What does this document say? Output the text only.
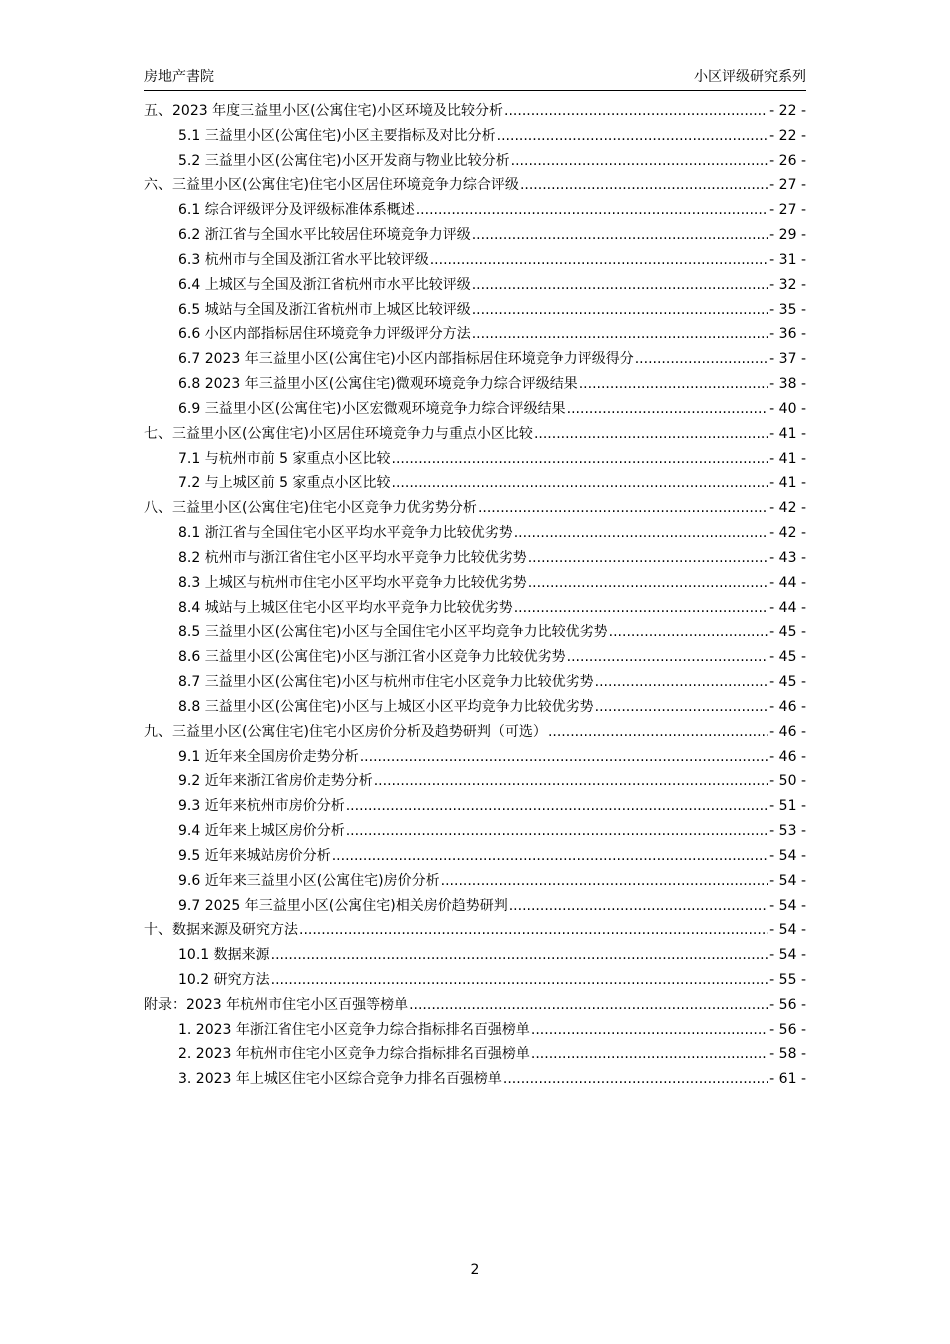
房地产書院	小区评级研究系列
五、2023 年度三益里小区(公寓住宅)小区环境及比较分析 .....	- 22 -
5.1 三益里小区(公寓住宅)小区主要指标及对比分析 .....	- 22 -
5.2 三益里小区(公寓住宅)小区开发商与物业比较分析 .....	- 26 -
六、三益里小区(公寓住宅)住宅小区居住环境竞争力综合评级 .....	- 27 -
6.1 综合评级评分及评级标准体系概述 .....	- 27 -
6.2 浙江省与全国水平比较居住环境竞争力评级 .....	- 29 -
6.3 杭州市与全国及浙江省水平比较评级 .....	- 31 -
6.4 上城区与全国及浙江省杭州市水平比较评级 .....	- 32 -
6.5 城站与全国及浙江省杭州市上城区比较评级 .....	- 35 -
6.6 小区内部指标居住环境竞争力评级评分方法 .....	- 36 -
6.7 2023 年三益里小区(公寓住宅)小区内部指标居住环境竞争力评级得分 .....	- 37 -
6.8 2023 年三益里小区(公寓住宅)微观环境竞争力综合评级结果 .....	- 38 -
6.9 三益里小区(公寓住宅)小区宏微观环境竞争力综合评级结果 .....	- 40 -
七、三益里小区(公寓住宅)小区居住环境竞争力与重点小区比较 .....	- 41 -
7.1 与杭州市前 5 家重点小区比较 .....	- 41 -
7.2 与上城区前 5 家重点小区比较 .....	- 41 -
八、三益里小区(公寓住宅)住宅小区竞争力优劣势分析 .....	- 42 -
8.1 浙江省与全国住宅小区平均水平竞争力比较优劣势 .....	- 42 -
8.2 杭州市与浙江省住宅小区平均水平竞争力比较优劣势 .....	- 43 -
8.3 上城区与杭州市住宅小区平均水平竞争力比较优劣势 .....	- 44 -
8.4 城站与上城区住宅小区平均水平竞争力比较优劣势 .....	- 44 -
8.5 三益里小区(公寓住宅)小区与全国住宅小区平均竞争力比较优劣势 .....	- 45 -
8.6 三益里小区(公寓住宅)小区与浙江省小区竞争力比较优劣势 .....	- 45 -
8.7 三益里小区(公寓住宅)小区与杭州市住宅小区竞争力比较优劣势 .....	- 45 -
8.8 三益里小区(公寓住宅)小区与上城区小区平均竞争力比较优劣势 .....	- 46 -
九、三益里小区(公寓住宅)住宅小区房价分析及趋势研判（可选） .....	- 46 -
9.1 近年来全国房价走势分析 .....	- 46 -
9.2 近年来浙江省房价走势分析 .....	- 50 -
9.3 近年来杭州市房价分析 .....	- 51 -
9.4 近年来上城区房价分析 .....	- 53 -
9.5 近年来城站房价分析 .....	- 54 -
9.6 近年来三益里小区(公寓住宅)房价分析 .....	- 54 -
9.7 2025 年三益里小区(公寓住宅)相关房价趋势研判 .....	- 54 -
十、数据来源及研究方法 .....	- 54 -
10.1 数据来源 .....	- 54 -
10.2 研究方法 .....	- 55 -
附录：2023 年杭州市住宅小区百强等榜单 .....	- 56 -
1. 2023 年浙江省住宅小区竞争力综合指标排名百强榜单 .....	- 56 -
2. 2023 年杭州市住宅小区竞争力综合指标排名百强榜单 .....	- 58 -
3. 2023 年上城区住宅小区综合竞争力排名百强榜单 .....	- 61 -
2
